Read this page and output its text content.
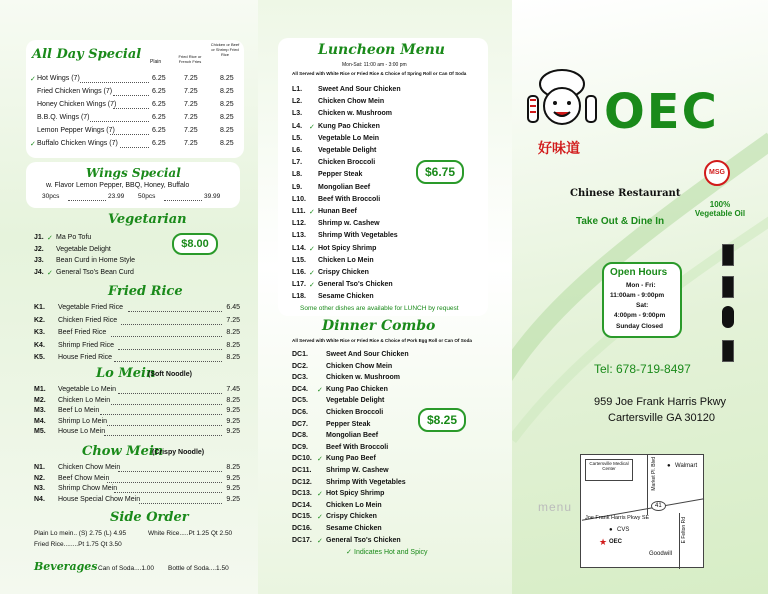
All Day Special Plain
Fried Rice or French Fries
Chicken or Beef or Shrimp Fried Rice
✓ Hot Wings (7)	6.25	7.25	8.25
Fried Chicken Wings (7)	6.25	7.25	8.25
Honey Chicken Wings (7)	6.25	7.25	8.25
B.B.Q. Wings (7)	6.25	7.25	8.25
Lemon Pepper Wings (7)	6.25	7.25	8.25
✓ Buffalo Chicken Wings (7)	6.25	7.25	8.25
Wings Special
w. Flavor Lemon Pepper, BBQ, Honey, Buffalo
30pcs	23.99 50pcs	39.99
Vegetarian
$8.00
J1. ✓ Ma Po Tofu
J2. Vegetable Delight
J3. Bean Curd in Home Style
J4. ✓ General Tso's Bean Curd
Fried Rice
K1. Vegetable Fried Rice	6.45
K2. Chicken Fried Rice	7.25
K3. Beef Fried Rice	8.25
K4. Shrimp Fried Rice	8.25
K5. House Fried Rice	8.25
Lo Mein
(Soft Noodle)
M1. Vegetable Lo Mein	7.45
M2. Chicken Lo Mein	8.25
M3. Beef Lo Mein	9.25
M4. Shrimp Lo Mein	9.25
M5. House Lo Mein	9.25
Chow Mein
(Crispy Noodle)
N1. Chicken Chow Mein	8.25
N2. Beef Chow Mein	9.25
N3. Shrimp Chow Mein	9.25
N4. House Special Chow Mein	9.25
Side Order
Plain Lo mein.. (S) 2.75 (L) 4.95	White Rice.....Pt 1.25 Qt 2.50
Fried Rice........Pt 1.75 Qt 3.50
Beverages Can of Soda....1.00 Bottle of Soda....1.50
Luncheon Menu
Mon-Sat: 11:00 am - 3:00 pm
All Served with White Rice or Fried Rice & Choice of Spring Roll or Can Of Soda
$6.75
L1. Sweet And Sour Chicken
L2. Chicken Chow Mein
L3. Chicken w. Mushroom
L4. ✓ Kung Pao Chicken
L5. Vegetable Lo Mein
L6. Vegetable Delight
L7. Chicken Broccoli
L8. Pepper Steak
L9. Mongolian Beef
L10. Beef With Broccoli
L11. ✓ Hunan Beef
L12. Shrimp w. Cashew
L13. Shrimp With Vegetables
L14. ✓ Hot Spicy Shrimp
L15. Chicken Lo Mein
L16. ✓ Crispy Chicken
L17. ✓ General Tso's Chicken
L18. Sesame Chicken
Some other dishes are available for LUNCH by request
Dinner Combo
All Served with White Rice or Fried Rice & Choice of Pork Egg Roll or Can Of Soda
$8.25
DC1.	Sweet And Sour Chicken
DC2.	Chicken Chow Mein
DC3.	Chicken w. Mushroom
DC4. ✓ Kung Pao Chicken
DC5.	Vegetable Delight
DC6.	Chicken Broccoli
DC7.	Pepper Steak
DC8.	Mongolian Beef
DC9.	Beef With Broccoli
DC10. ✓ Kung Pao Beef
DC11. Shrimp W. Cashew
DC12. Shrimp With Vegetables
DC13. ✓ Hot Spicy Shrimp
DC14. Chicken Lo Mein
DC15. ✓ Crispy Chicken
DC16. Sesame Chicken
DC17. ✓ General Tso's Chicken
✓ Indicates Hot and Spicy
好味道
OEC
MSG
100% Vegetable Oil
Chinese Restaurant
Take Out & Dine In
Open Hours
Mon - Fri:
11:00am - 9:00pm
Sat:
4:00pm - 9:00pm
Sunday Closed
Tel: 678-719-8497
959 Joe Frank Harris Pkwy
Cartersville GA 30120
Cartersville Medical Center	Market Pl. Blvd ● Walmart
41
Joe Frank Harris Pkwy SE	E Felton Rd
● CVS
★ OEC
Goodwill
menu
